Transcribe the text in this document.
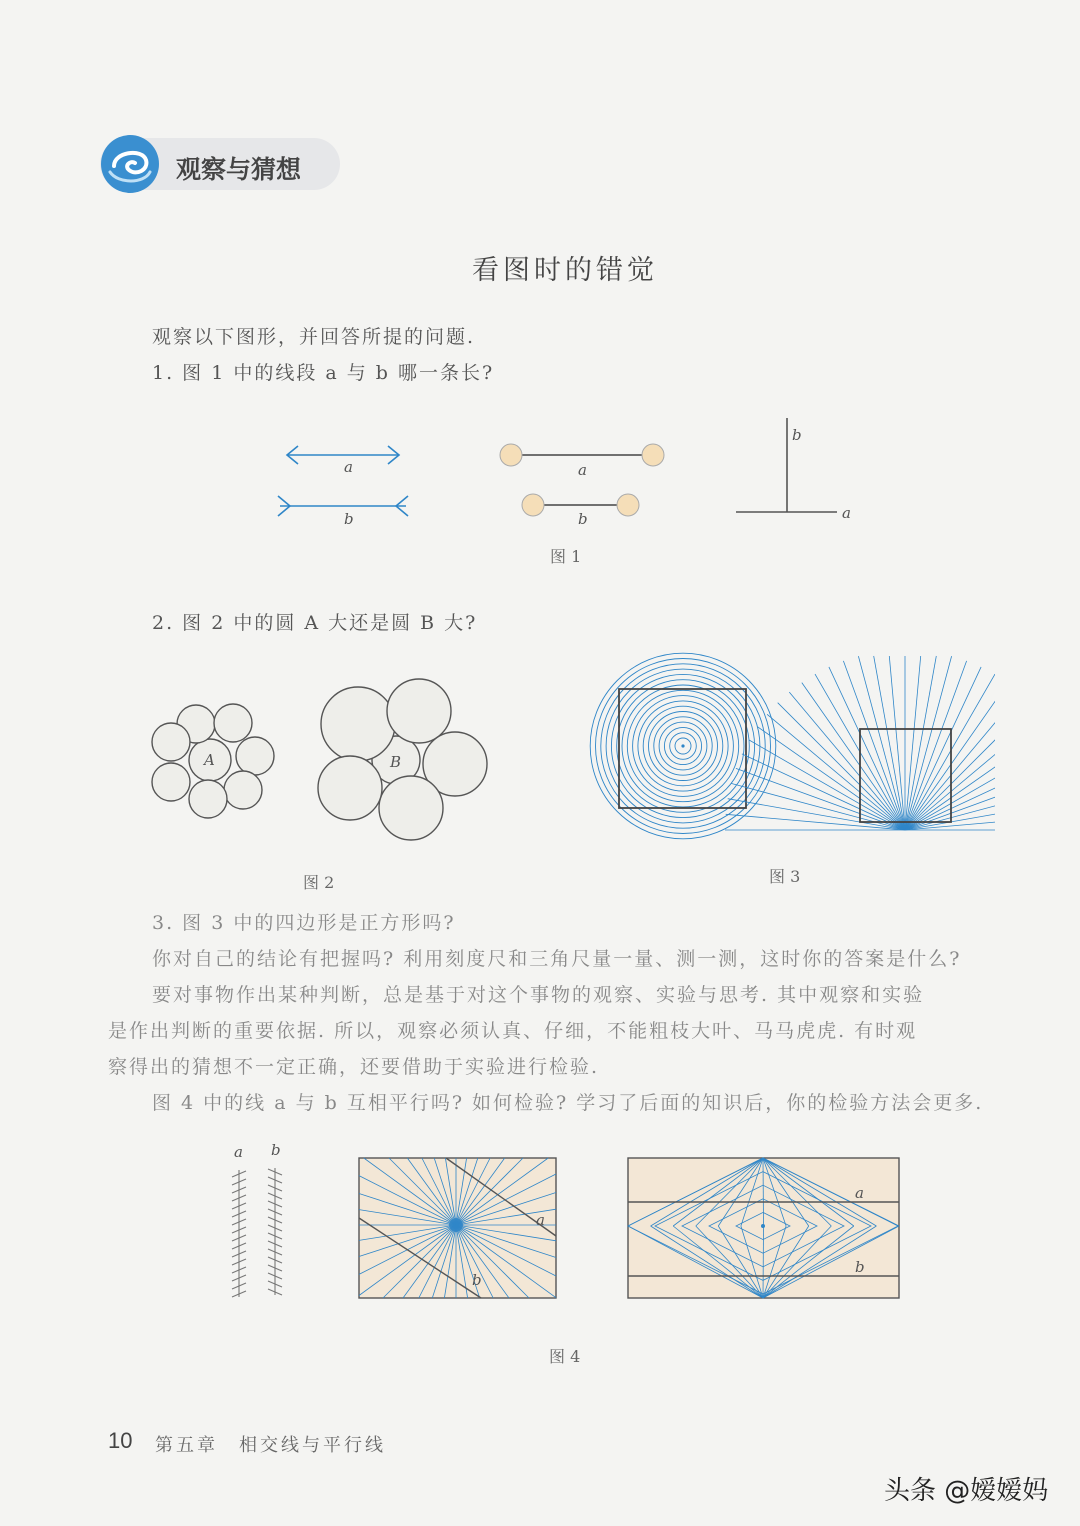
观察与猜想
看图时的错觉
观察以下图形，并回答所提的问题.
1. 图 1 中的线段 a 与 b 哪一条长?
a
b
a
b
b
a
图 1
2. 图 2 中的圆 A 大还是圆 B 大?
A	B
图 2	图 3
3. 图 3 中的四边形是正方形吗?
你对自己的结论有把握吗? 利用刻度尺和三角尺量一量、测一测，这时你的答案是什么?
要对事物作出某种判断，总是基于对这个事物的观察、实验与思考. 其中观察和实验
是作出判断的重要依据. 所以，观察必须认真、仔细，不能粗枝大叶、马马虎虎. 有时观
察得出的猜想不一定正确，还要借助于实验进行检验.
图 4 中的线 a 与 b 互相平行吗? 如何检验? 学习了后面的知识后，你的检验方法会更多.
a b
a
b
a
b
图 4
10 第五章　相交线与平行线
头条 @嫒嫒妈
